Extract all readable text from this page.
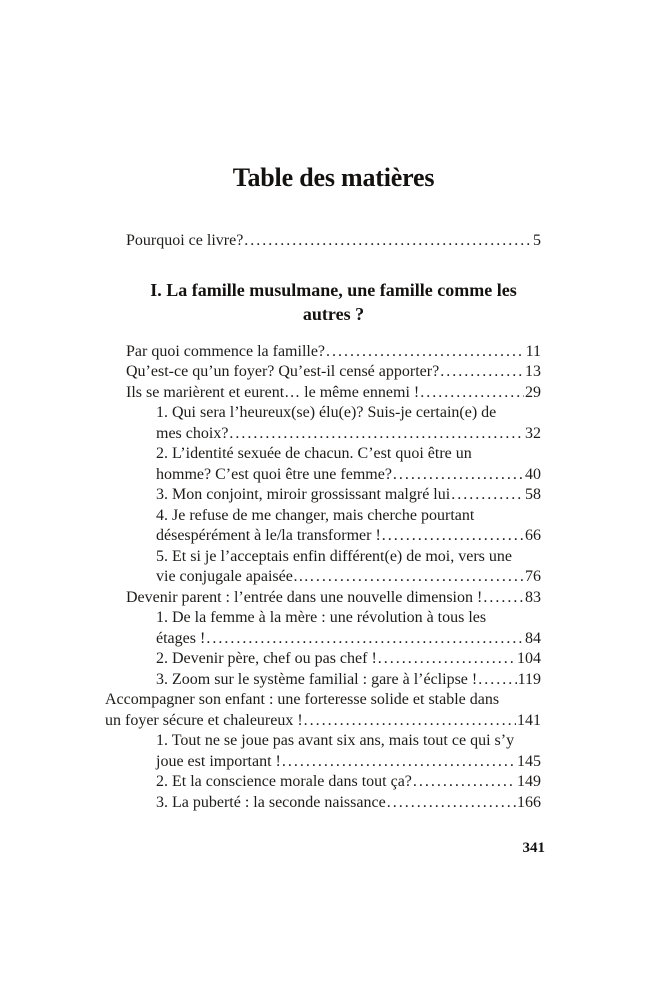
Table des matières
Pourquoi ce livre? .....	5
I. La famille musulmane, une famille comme les
autres ?
Par quoi commence la famille? .....	11
Qu’est-ce qu’un foyer? Qu’est-il censé apporter? .....	13
Ils se marièrent et eurent… le même ennemi ! .....	29
1. Qui sera l’heureux(se) élu(e)? Suis-je certain(e) de
mes choix? .....	32
2. L’identité sexuée de chacun. C’est quoi être un
homme? C’est quoi être une femme? .....	40
3. Mon conjoint, miroir grossissant malgré lui .....	58
4. Je refuse de me changer, mais cherche pourtant
désespérément à le/la transformer ! .....	66
5. Et si je l’acceptais enfin différent(e) de moi, vers une
vie conjugale apaisée… .....	76
Devenir parent : l’entrée dans une nouvelle dimension ! .....	83
1. De la femme à la mère : une révolution à tous les
étages ! .....	84
2. Devenir père, chef ou pas chef ! .....	104
3. Zoom sur le système familial : gare à l’éclipse ! .....	119
Accompagner son enfant : une forteresse solide et stable dans
un foyer sécure et chaleureux ! .....	141
1. Tout ne se joue pas avant six ans, mais tout ce qui s’y
joue est important ! .....	145
2. Et la conscience morale dans tout ça? .....	149
3. La puberté : la seconde naissance .....	166
341
